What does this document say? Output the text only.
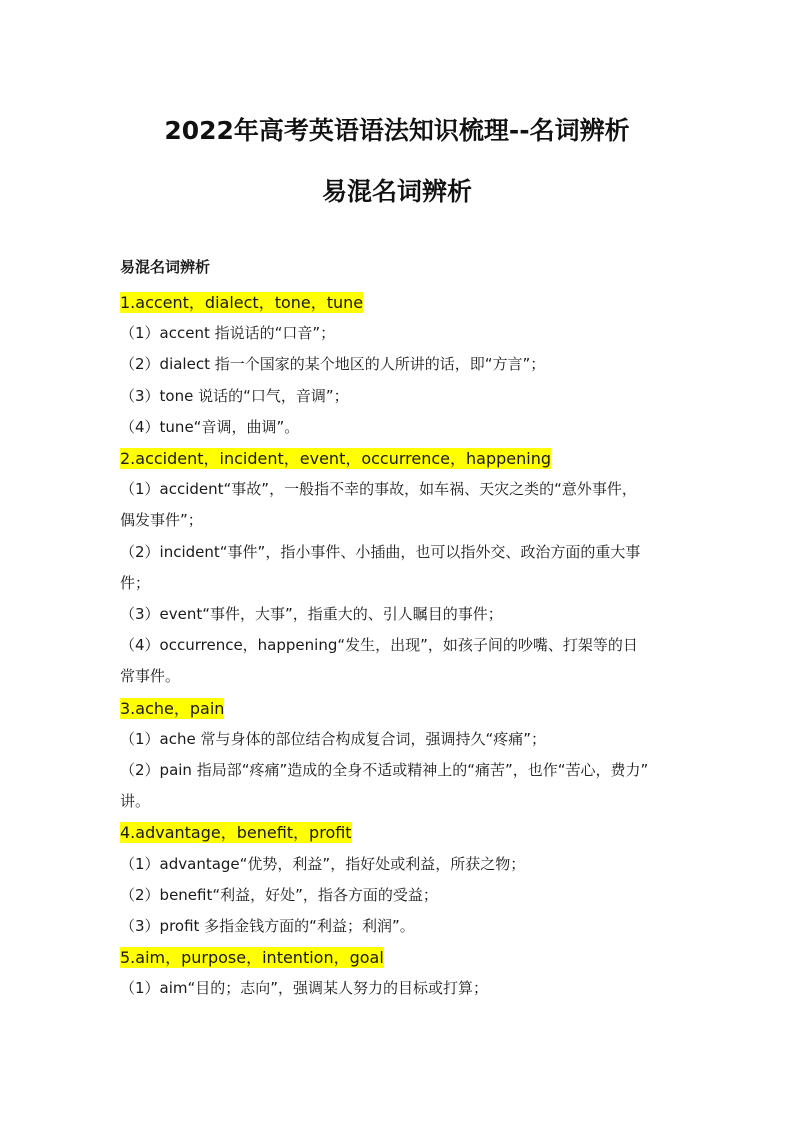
2022年高考英语语法知识梳理--名词辨析
易混名词辨析
易混名词辨析

1.accent，dialect，tone，tune

（1）accent 指说话的“口音”；

（2）dialect 指一个国家的某个地区的人所讲的话，即“方言”；

（3）tone 说话的“口气，音调”；

（4）tune“音调，曲调”。

2.accident，incident，event，occurrence，happening

（1）accident“事故”，一般指不幸的事故，如车祸、天灾之类的“意外事件，

偶发事件”；

（2）incident“事件”，指小事件、小插曲，也可以指外交、政治方面的重大事

件；

（3）event“事件，大事”，指重大的、引人瞩目的事件；

（4）occurrence，happening“发生，出现”，如孩子间的吵嘴、打架等的日

常事件。

3.ache，pain

（1）ache 常与身体的部位结合构成复合词，强调持久“疼痛”；

（2）pain 指局部“疼痛”造成的全身不适或精神上的“痛苦”，也作“苦心，费力”

讲。

4.advantage，benefit，profit

（1）advantage“优势，利益”，指好处或利益，所获之物；

（2）benefit“利益，好处”，指各方面的受益；

（3）profit 多指金钱方面的“利益；利润”。

5.aim，purpose，intention，goal

（1）aim“目的；志向”，强调某人努力的目标或打算；
